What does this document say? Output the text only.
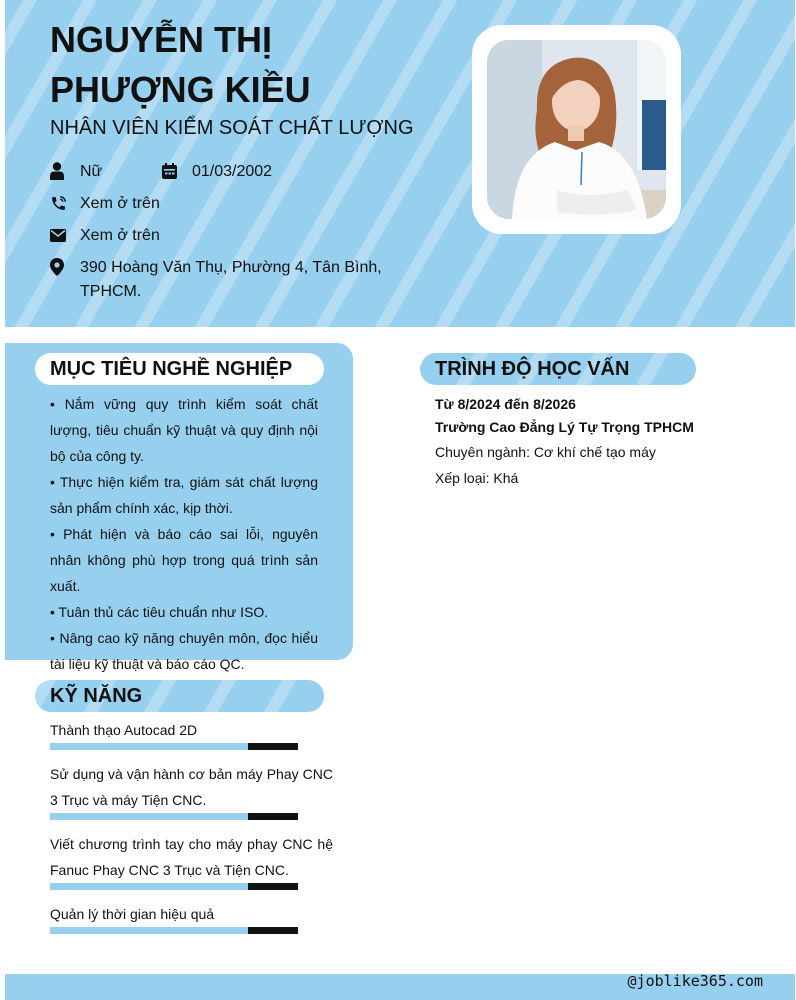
NGUYỄN THỊ PHƯỢNG KIỀU
NHÂN VIÊN KIỂM SOÁT CHẤT LƯỢNG
Nữ	01/03/2002
Xem ở trên
Xem ở trên
390 Hoàng Văn Thụ, Phường 4, Tân Bình, TPHCM.
MỤC TIÊU NGHỀ NGHIỆP

• Nắm vững quy trình kiểm soát chất lượng, tiêu chuẩn kỹ thuật và quy định nội bộ của công ty.

• Thực hiện kiểm tra, giám sát chất lượng sản phẩm chính xác, kịp thời.

• Phát hiện và báo cáo sai lỗi, nguyên nhân không phù hợp trong quá trình sản xuất.

• Tuân thủ các tiêu chuẩn như ISO.

• Nâng cao kỹ năng chuyên môn, đọc hiểu tài liệu kỹ thuật và báo cáo QC.

KỸ NĂNG
Thành thạo Autocad 2D
Sử dụng và vận hành cơ bản máy Phay CNC 3 Trục và máy Tiện CNC.
Viết chương trình tay cho máy phay CNC hệ Fanuc Phay CNC 3 Trục và Tiện CNC.
Quản lý thời gian hiệu quả
TRÌNH ĐỘ HỌC VẤN
Từ 8/2024 đến 8/2026
Trường Cao Đẳng Lý Tự Trọng TPHCM
Chuyên ngành: Cơ khí chế tạo máy
Xếp loại: Khá
@joblike365.com
